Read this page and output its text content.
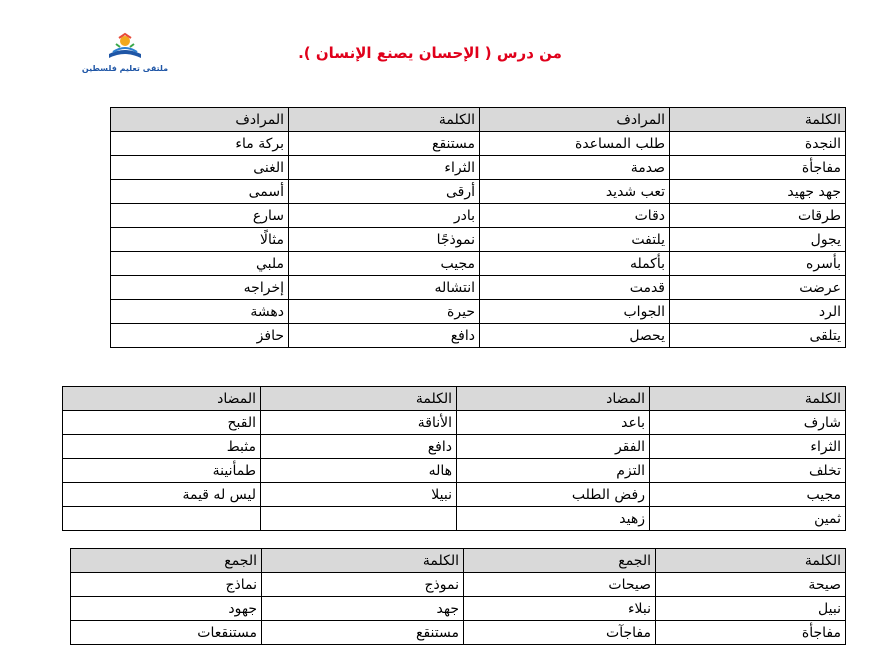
ملتقى تعليم فلسطين
من درس ( الإحسان يصنع الإنسان ).
الكلمة	المرادف	الكلمة	المرادف
النجدة	طلب المساعدة	مستنقع	بركة ماء
مفاجأة	صدمة	الثراء	الغنى
جهد جهيد	تعب شديد	أرقى	أسمى
طرقات	دقات	بادر	سارع
يجول	يلتفت	نموذجًا	مثالًا
بأسره	بأكمله	مجيب	ملبي
عرضت	قدمت	انتشاله	إخراجه
الرد	الجواب	حيرة	دهشة
يتلقى	يحصل	دافع	حافز
الكلمة	المضاد	الكلمة	المضاد
شارف	باعد	الأناقة	القبح
الثراء	الفقر	دافع	مثبط
تخلف	التزم	هاله	طمأنينة
مجيب	رفض الطلب	نبيلا	ليس له قيمة
ثمين	زهيد		
الكلمة	الجمع	الكلمة	الجمع
صيحة	صيحات	نموذج	نماذج
نبيل	نبلاء	جهد	جهود
مفاجأة	مفاجآت	مستنقع	مستنقعات
